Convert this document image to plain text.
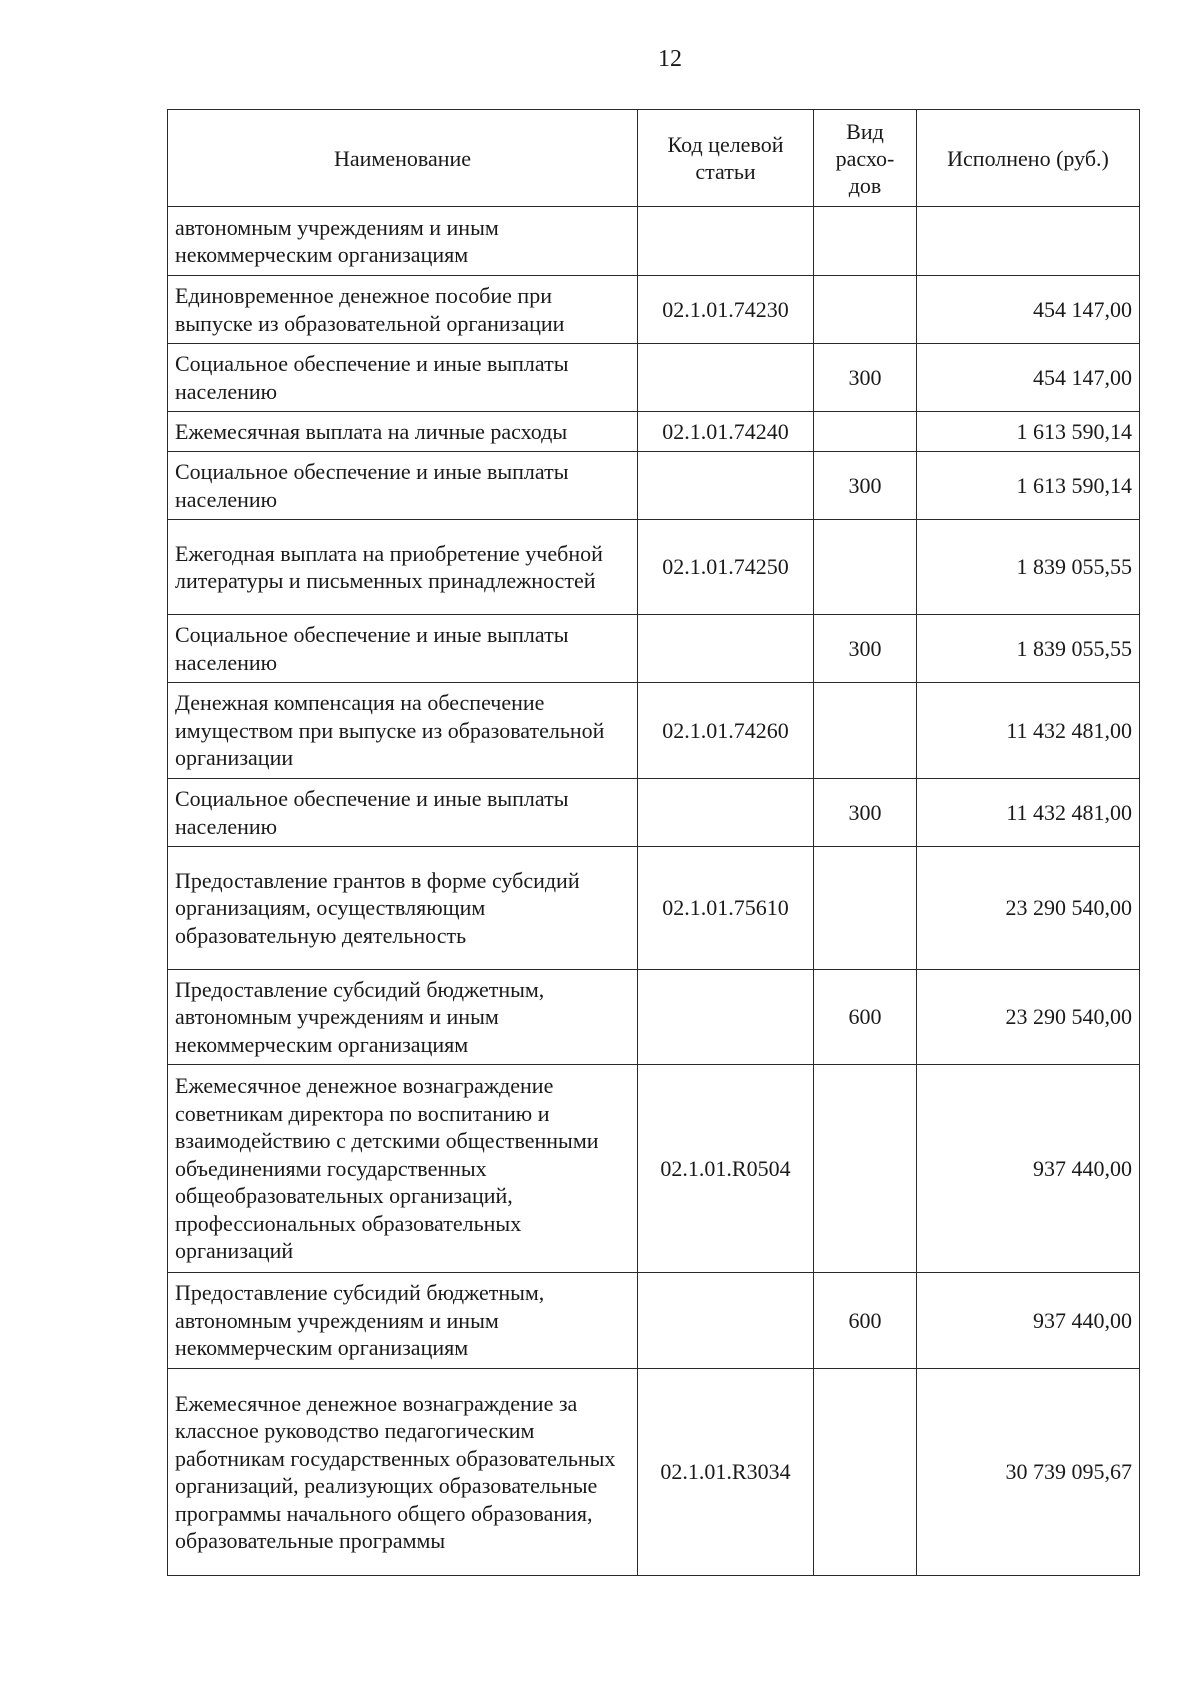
12
Наименование	Код целевой статьи	Вид расхо-дов	Исполнено (руб.)
автономным учреждениям и иным некоммерческим организациям			
Единовременное денежное пособие при выпуске из образовательной организации	02.1.01.74230		454 147,00
Социальное обеспечение и иные выплаты населению		300	454 147,00
Ежемесячная выплата на личные расходы	02.1.01.74240		1 613 590,14
Социальное обеспечение и иные выплаты населению		300	1 613 590,14
Ежегодная выплата на приобретение учебной литературы и письменных принадлежностей	02.1.01.74250		1 839 055,55
Социальное обеспечение и иные выплаты населению		300	1 839 055,55
Денежная компенсация на обеспечение имуществом при выпуске из образовательной организации	02.1.01.74260		11 432 481,00
Социальное обеспечение и иные выплаты населению		300	11 432 481,00
Предоставление грантов в форме субсидий организациям, осуществляющим образовательную деятельность	02.1.01.75610		23 290 540,00
Предоставление субсидий бюджетным, автономным учреждениям и иным некоммерческим организациям		600	23 290 540,00
Ежемесячное денежное вознаграждение советникам директора по воспитанию и взаимодействию с детскими общественными объединениями государственных общеобразовательных организаций, профессиональных образовательных организаций	02.1.01.R0504		937 440,00
Предоставление субсидий бюджетным, автономным учреждениям и иным некоммерческим организациям		600	937 440,00
Ежемесячное денежное вознаграждение за классное руководство педагогическим работникам государственных образовательных организаций, реализующих образовательные программы начального общего образования, образовательные программы	02.1.01.R3034		30 739 095,67
